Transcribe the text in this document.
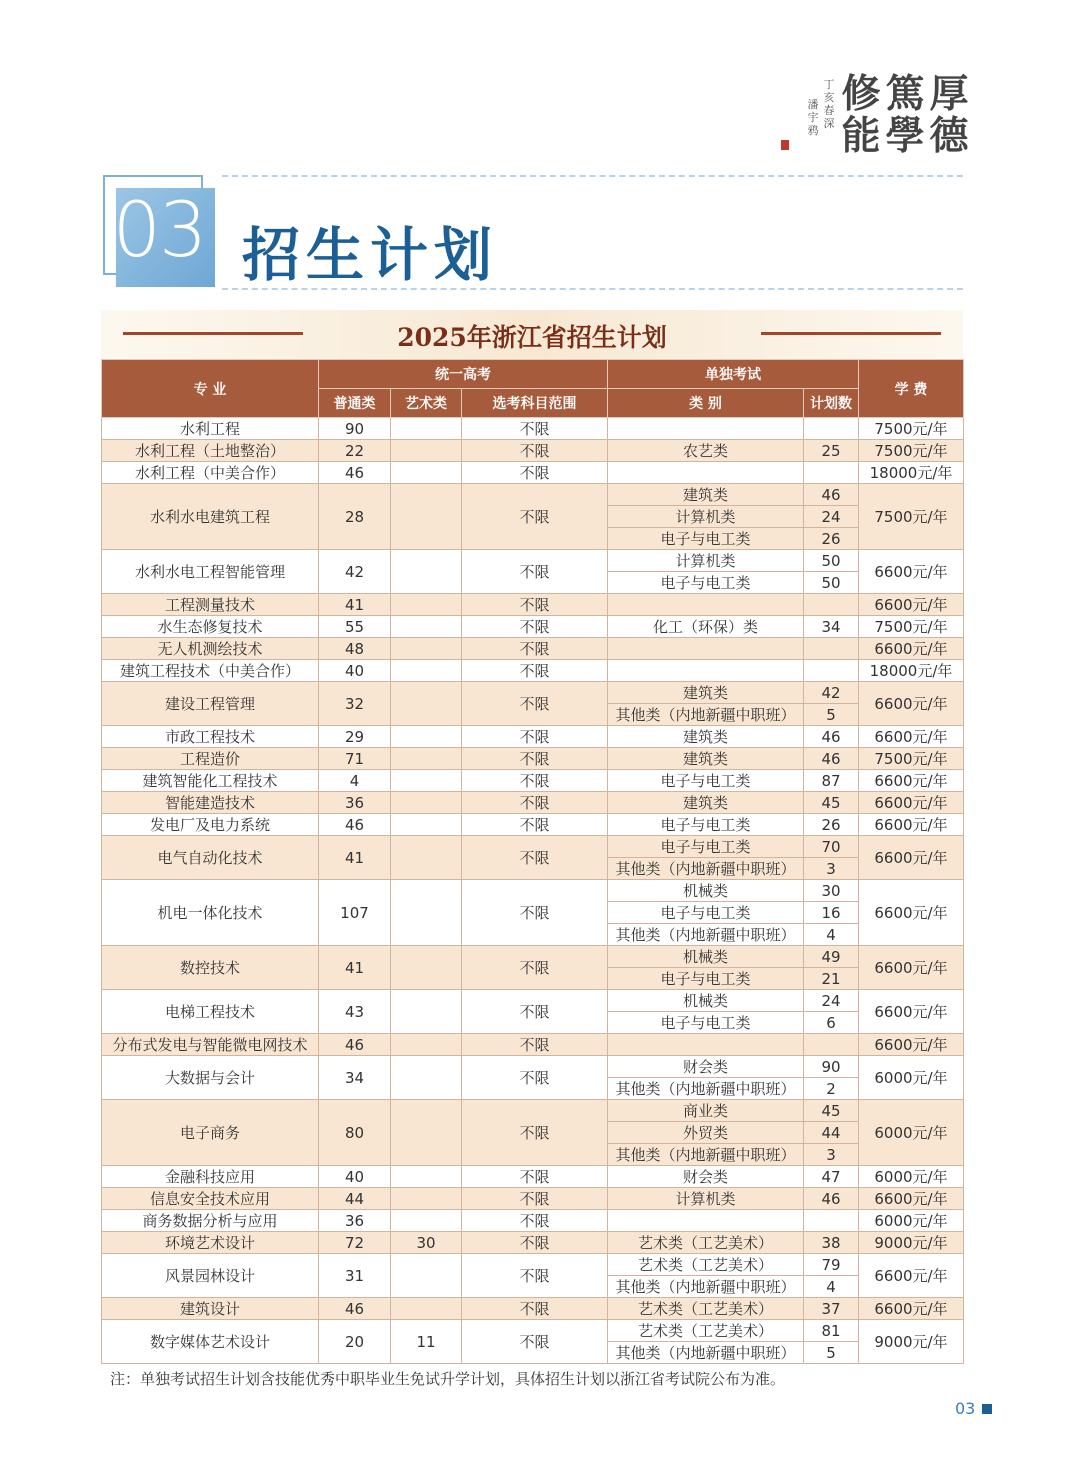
厚
德
篤
學
修
能
丁亥春深
潘宇鸦
03 招生计划
2025年浙江省招生计划
专 业	统一高考			单独考试		学 费
	普通类	艺术类	选考科目范围	类 别	计划数	
水利工程	90		不限			7500元/年
水利工程（土地整治）	22		不限	农艺类	25	7500元/年
水利工程（中美合作）	46		不限			18000元/年
水利水电建筑工程	28		不限	建筑类	46	7500元/年
				计算机类	24	
				电子与电工类	26	
水利水电工程智能管理	42		不限	计算机类	50	6600元/年
				电子与电工类	50	
工程测量技术	41		不限			6600元/年
水生态修复技术	55		不限	化工（环保）类	34	7500元/年
无人机测绘技术	48		不限			6600元/年
建筑工程技术（中美合作）	40		不限			18000元/年
建设工程管理	32		不限	建筑类	42	6600元/年
				其他类（内地新疆中职班）	5	
市政工程技术	29		不限	建筑类	46	6600元/年
工程造价	71		不限	建筑类	46	7500元/年
建筑智能化工程技术	4		不限	电子与电工类	87	6600元/年
智能建造技术	36		不限	建筑类	45	6600元/年
发电厂及电力系统	46		不限	电子与电工类	26	6600元/年
电气自动化技术	41		不限	电子与电工类	70	6600元/年
				其他类（内地新疆中职班）	3	
机电一体化技术	107		不限	机械类	30	6600元/年
				电子与电工类	16	
				其他类（内地新疆中职班）	4	
数控技术	41		不限	机械类	49	6600元/年
				电子与电工类	21	
电梯工程技术	43		不限	机械类	24	6600元/年
				电子与电工类	6	
分布式发电与智能微电网技术	46		不限			6600元/年
大数据与会计	34		不限	财会类	90	6000元/年
				其他类（内地新疆中职班）	2	
电子商务	80		不限	商业类	45	6000元/年
				外贸类	44	
				其他类（内地新疆中职班）	3	
金融科技应用	40		不限	财会类	47	6000元/年
信息安全技术应用	44		不限	计算机类	46	6600元/年
商务数据分析与应用	36		不限			6000元/年
环境艺术设计	72	30	不限	艺术类（工艺美术）	38	9000元/年
风景园林设计	31		不限	艺术类（工艺美术）	79	6600元/年
				其他类（内地新疆中职班）	4	
建筑设计	46		不限	艺术类（工艺美术）	37	6600元/年
数字媒体艺术设计	20	11	不限	艺术类（工艺美术）	81	9000元/年
				其他类（内地新疆中职班）	5	
注：单独考试招生计划含技能优秀中职毕业生免试升学计划，具体招生计划以浙江省考试院公布为准。
03
